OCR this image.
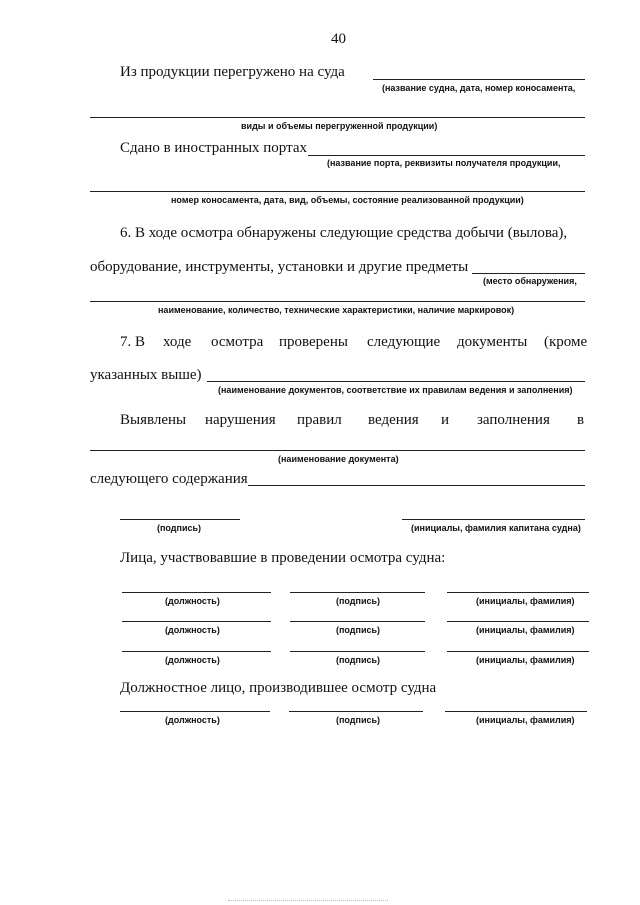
40
Из продукции перегружено на суда
(название судна, дата, номер коносамента,
виды и объемы перегруженной продукции)
Сдано в иностранных портах
(название порта, реквизиты получателя продукции,
номер коносамента, дата, вид, объемы, состояние реализованной продукции)
6. В ходе осмотра обнаружены следующие средства добычи (вылова),
оборудование, инструменты, установки и другие предметы
(место обнаружения,
наименование, количество, технические характеристики, наличие маркировок)
7. В ходе осмотра проверены следующие документы (кроме
указанных выше)
(наименование документов, соответствие их правилам ведения и заполнения)
Выявлены нарушения правил ведения и заполнения в
(наименование документа)
следующего содержания
(подпись)	(инициалы, фамилия капитана судна)
Лица, участвовавшие в проведении осмотра судна:
(должность)	(подпись)	(инициалы, фамилия)
(должность)	(подпись)	(инициалы, фамилия)
(должность)	(подпись)	(инициалы, фамилия)
Должностное лицо, производившее осмотр судна
(должность)	(подпись)	(инициалы, фамилия)
